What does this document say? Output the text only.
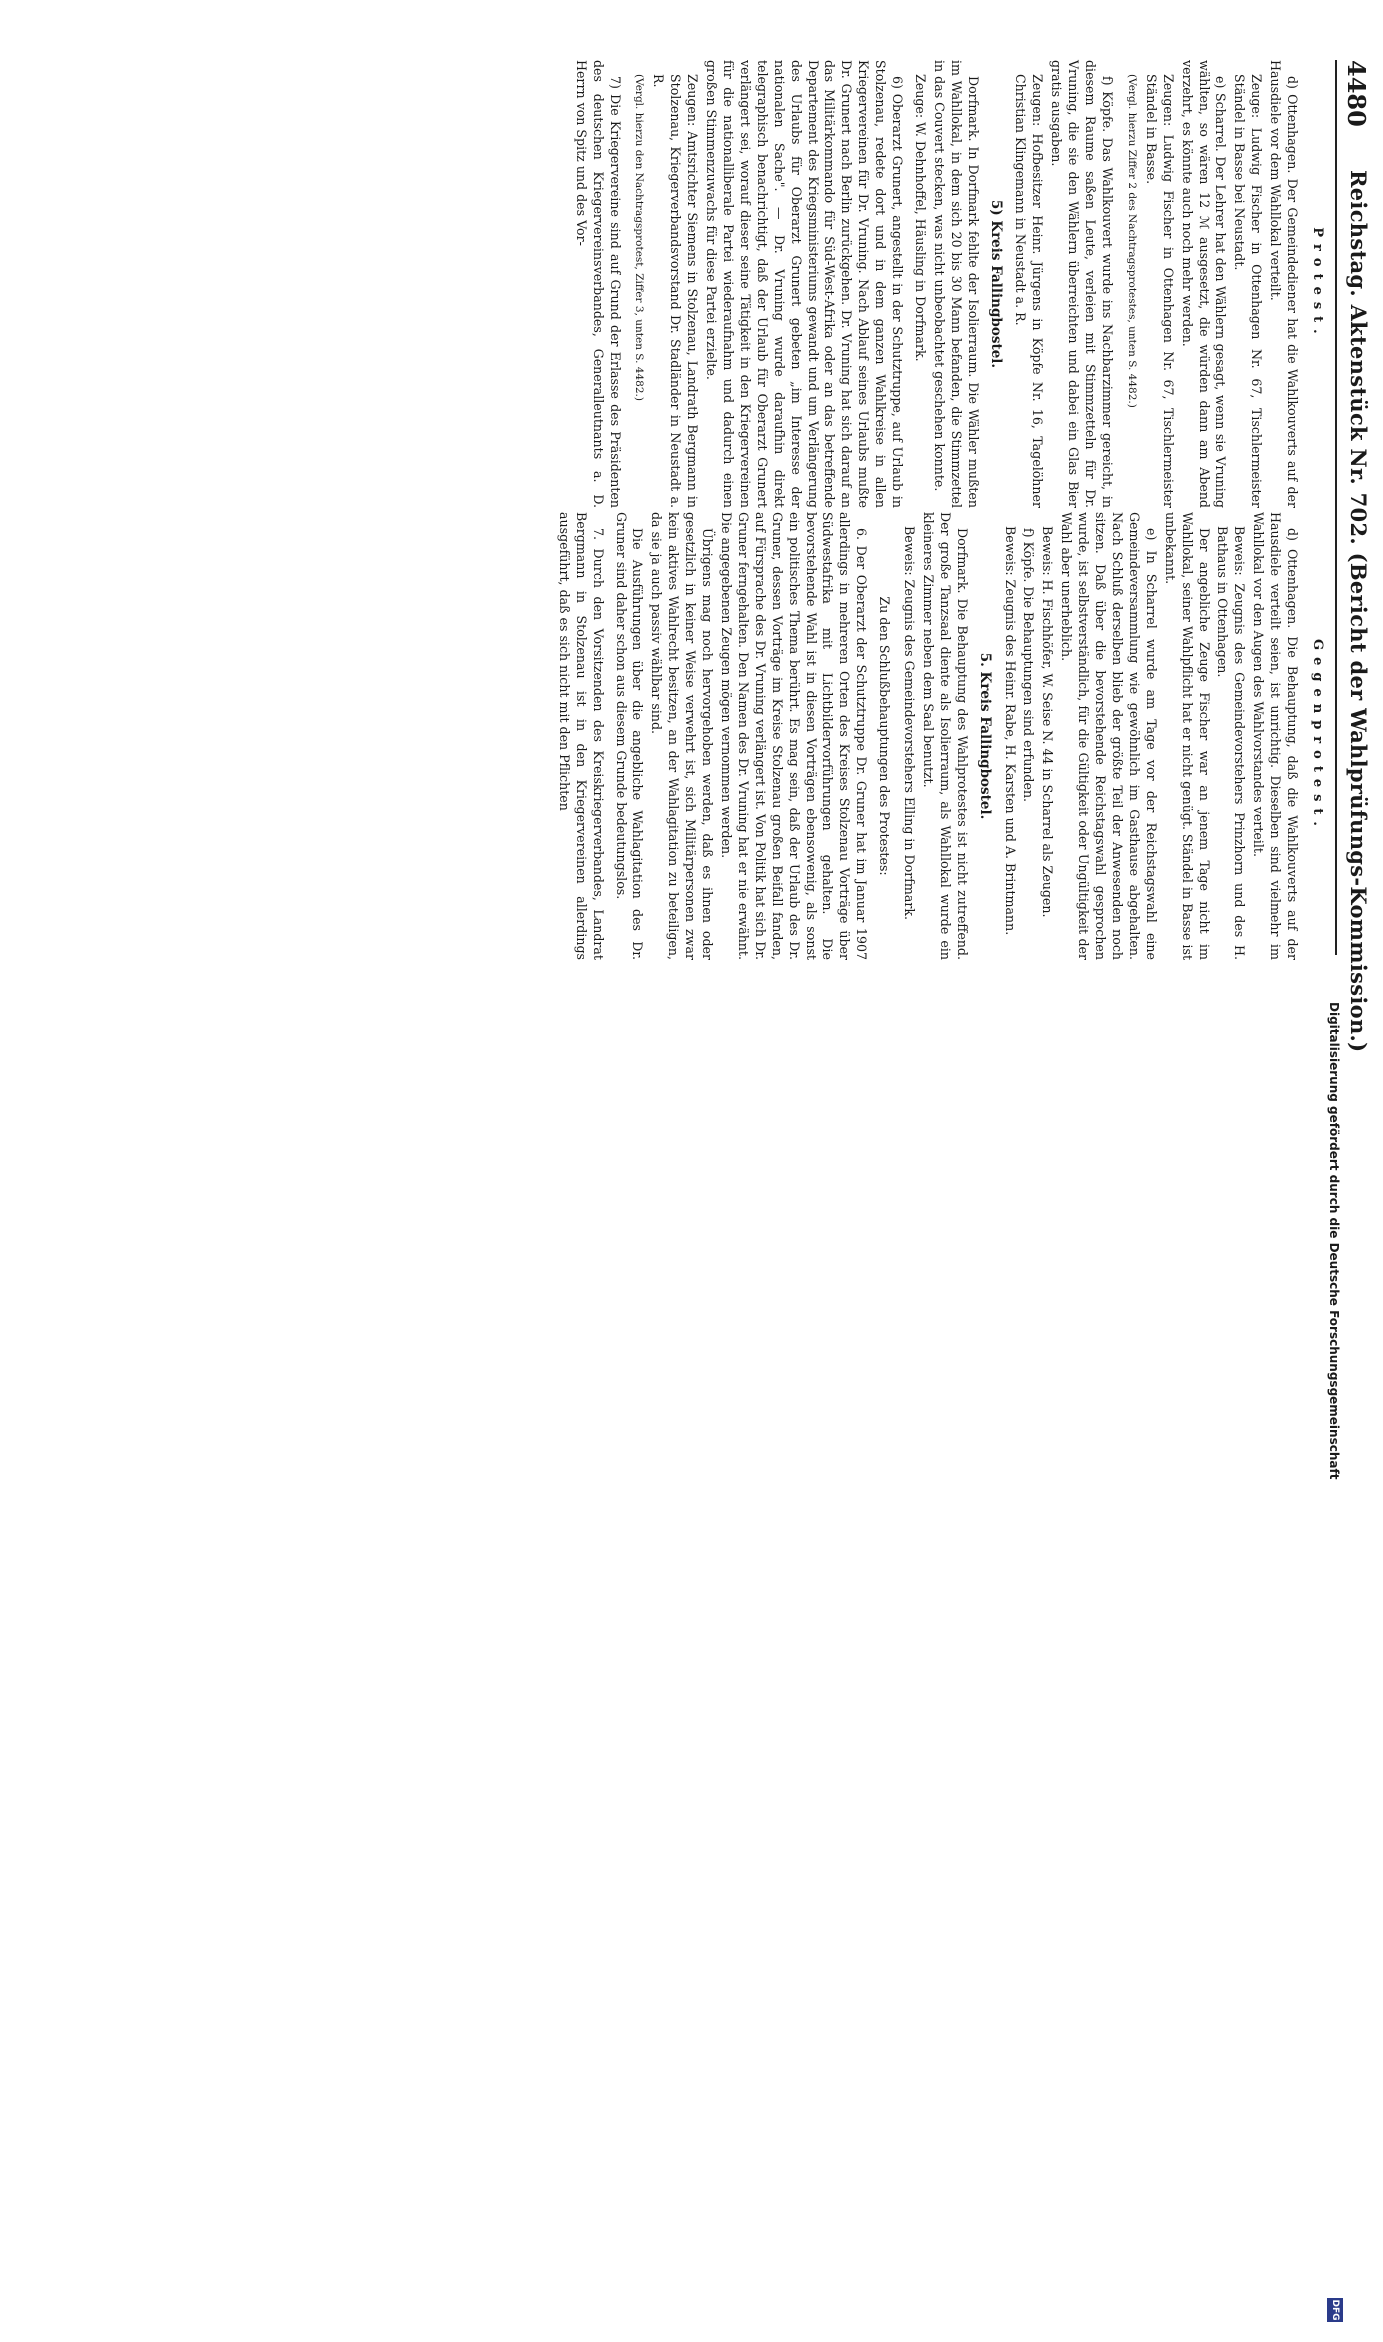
4480
Reichstag. Aktenstück Nr. 702. (Bericht der Wahlprüfungs-Kommission.)
Protest.
d) Ottenhagen. Der Gemeindediener hat die Wahlkouverts auf der Hausdiele vor dem Wahllokal verteilt.
Zeuge: Ludwig Fischer in Ottenhagen Nr. 67, Tischlermeister Ständel in Basse bei Neustadt.
e) Scharrel. Der Lehrer hat den Wählern gesagt, wenn sie Vruning wählten, so wären 12 ℳ ausgesetzt, die würden dann am Abend verzehrt, es könnte auch noch mehr werden.
Zeugen: Ludwig Fischer in Ottenhagen Nr. 67, Tischlermeister Ständel in Basse.
(Vergl. hierzu Ziffer 2 des Nachtragsprotestes, unten S. 4482.)
f) Köpfe. Das Wahlkouvert wurde ins Nachbarzimmer gereicht, in diesem Raume saßen Leute, verleien mit Stimmzetteln für Dr. Vruning, die sie den Wählern überreichten und dabei ein Glas Bier gratis ausgaben.
Zeugen: Hofbesitzer Heinr. Jürgens in Köpfe Nr. 16, Tagelöhner Christian Klingemann in Neustadt a. R.
5) Kreis Fallingbostel.
Dorfmark. In Dorfmark fehlte der Isolierraum. Die Wähler mußten im Wahllokal, in dem sich 20 bis 30 Mann befanden, die Stimmzettel in das Couvert stecken, was nicht unbeobachtet geschehen konnte.
Zeuge: W. Dehnhoffel, Häusling in Dorfmark.
6) Oberarzt Grunert, angestellt in der Schutztruppe, auf Urlaub in Stolzenau, redete dort und in dem ganzen Wahlkreise in allen Kriegervereinen für Dr. Vruning. Nach Ablauf seines Urlaubs mußte Dr. Grunert nach Berlin zurückgehen. Dr. Vruning hat sich darauf an das Militärkommando für Süd-West-Afrika oder an das betreffende Departement des Kriegsministeriums gewandt und um Verlängerung des Urlaubs für Oberarzt Grunert gebeten „im Interesse der nationalen Sache". — Dr. Vruning wurde daraufhin direkt telegraphisch benachrichtigt, daß der Urlaub für Oberarzt Grunert verlängert sei, worauf dieser seine Tätigkeit in den Kriegervereinen für die nationalliberale Partei wiederaufnahm und dadurch einen großen Stimmenzuwachs für diese Partei erzielte.
Zeugen: Amtsrichter Siemens in Stolzenau, Landrath Bergmann in Stolzenau, Kriegerverbandsvorstand Dr. Stadländer in Neustadt a. R.
(Vergl. hierzu den Nachtragsprotest, Ziffer 3, unten S. 4482.)
7) Die Kriegervereine sind auf Grund der Erlasse des Präsidenten des deutschen Kriegervereinsverbandes, Generalleutnants a. D. Herrn von Spitz und des Vor-
Gegenprotest.
d) Ottenhagen. Die Behauptung, daß die Wahlkouverts auf der Hausdiele verteilt seien, ist unrichtig. Dieselben sind vielmehr im Wahllokal vor den Augen des Wahlvorstandes verteilt.
Beweis: Zeugnis des Gemeindevorstehers Prinzhorn und des H. Bathaus in Ottenhagen.
Der angebliche Zeuge Fischer war an jenem Tage nicht im Wahllokal, seiner Wahlpflicht hat er nicht genügt. Ständel in Basse ist unbekannt.
e) In Scharrel wurde am Tage vor der Reichstagswahl eine Gemeindeversammlung wie gewöhnlich im Gasthause abgehalten. Nach Schluß derselben blieb der größte Teil der Anwesenden noch sitzen. Daß über die bevorstehende Reichstagswahl gesprochen wurde, ist selbstverständlich, für die Gültigkeit oder Ungültigkeit der Wahl aber unerheblich.
Beweis: H. Fischhöfer, W. Seise N. 44 in Scharrel als Zeugen.
f) Köpfe. Die Behauptungen sind erfunden.
Beweis: Zeugnis des Heinr. Rabe, H. Karsten und A. Brintmann.
5. Kreis Fallingbostel.
Dorfmark. Die Behauptung des Wahlprotestes ist nicht zutreffend. Der große Tanzsaal diente als Isolierraum, als Wahllokal wurde ein kleineres Zimmer neben dem Saal benutzt.
Beweis: Zeugnis des Gemeindevorstehers Elling in Dorfmark.
Zu den Schlußbehauptungen des Protestes:
6. Der Oberarzt der Schutztruppe Dr. Gruner hat im Januar 1907 allerdings in mehreren Orten des Kreises Stolzenau Vorträge über Südwestafrika mit Lichtbildervorführungen gehalten. Die bevorstehende Wahl ist in diesen Vorträgen ebensowenig, als sonst ein politisches Thema berührt. Es mag sein, daß der Urlaub des Dr. Gruner, dessen Vorträge im Kreise Stolzenau großen Beifall fanden, auf Fürsprache des Dr. Vruning verlängert ist. Von Politik hat sich Dr. Gruner ferngehalten. Den Namen des Dr. Vruning hat er nie erwähnt. Die angegebenen Zeugen mögen vernommen werden.
Übrigens mag noch hervorgehoben werden, daß es ihnen oder gesetzlich in keiner Weise verwehrt ist, sich Militärpersonen zwar kein aktives Wahlrecht besitzen, an der Wahlagitation zu beteiligen, da sie ja auch passiv wählbar sind.
Die Ausführungen über die angebliche Wahlagitation des Dr. Gruner sind daher schon aus diesem Grunde bedeutungslos.
7. Durch den Vorsitzenden des Kreiskriegerverbandes, Landrat Bergmann in Stolzenau ist in den Kriegervereinen allerdings ausgeführt, daß es sich nicht mit den Pflichten
Digitalisierung gefördert durch die Deutsche Forschungsgemeinschaft
DFG
